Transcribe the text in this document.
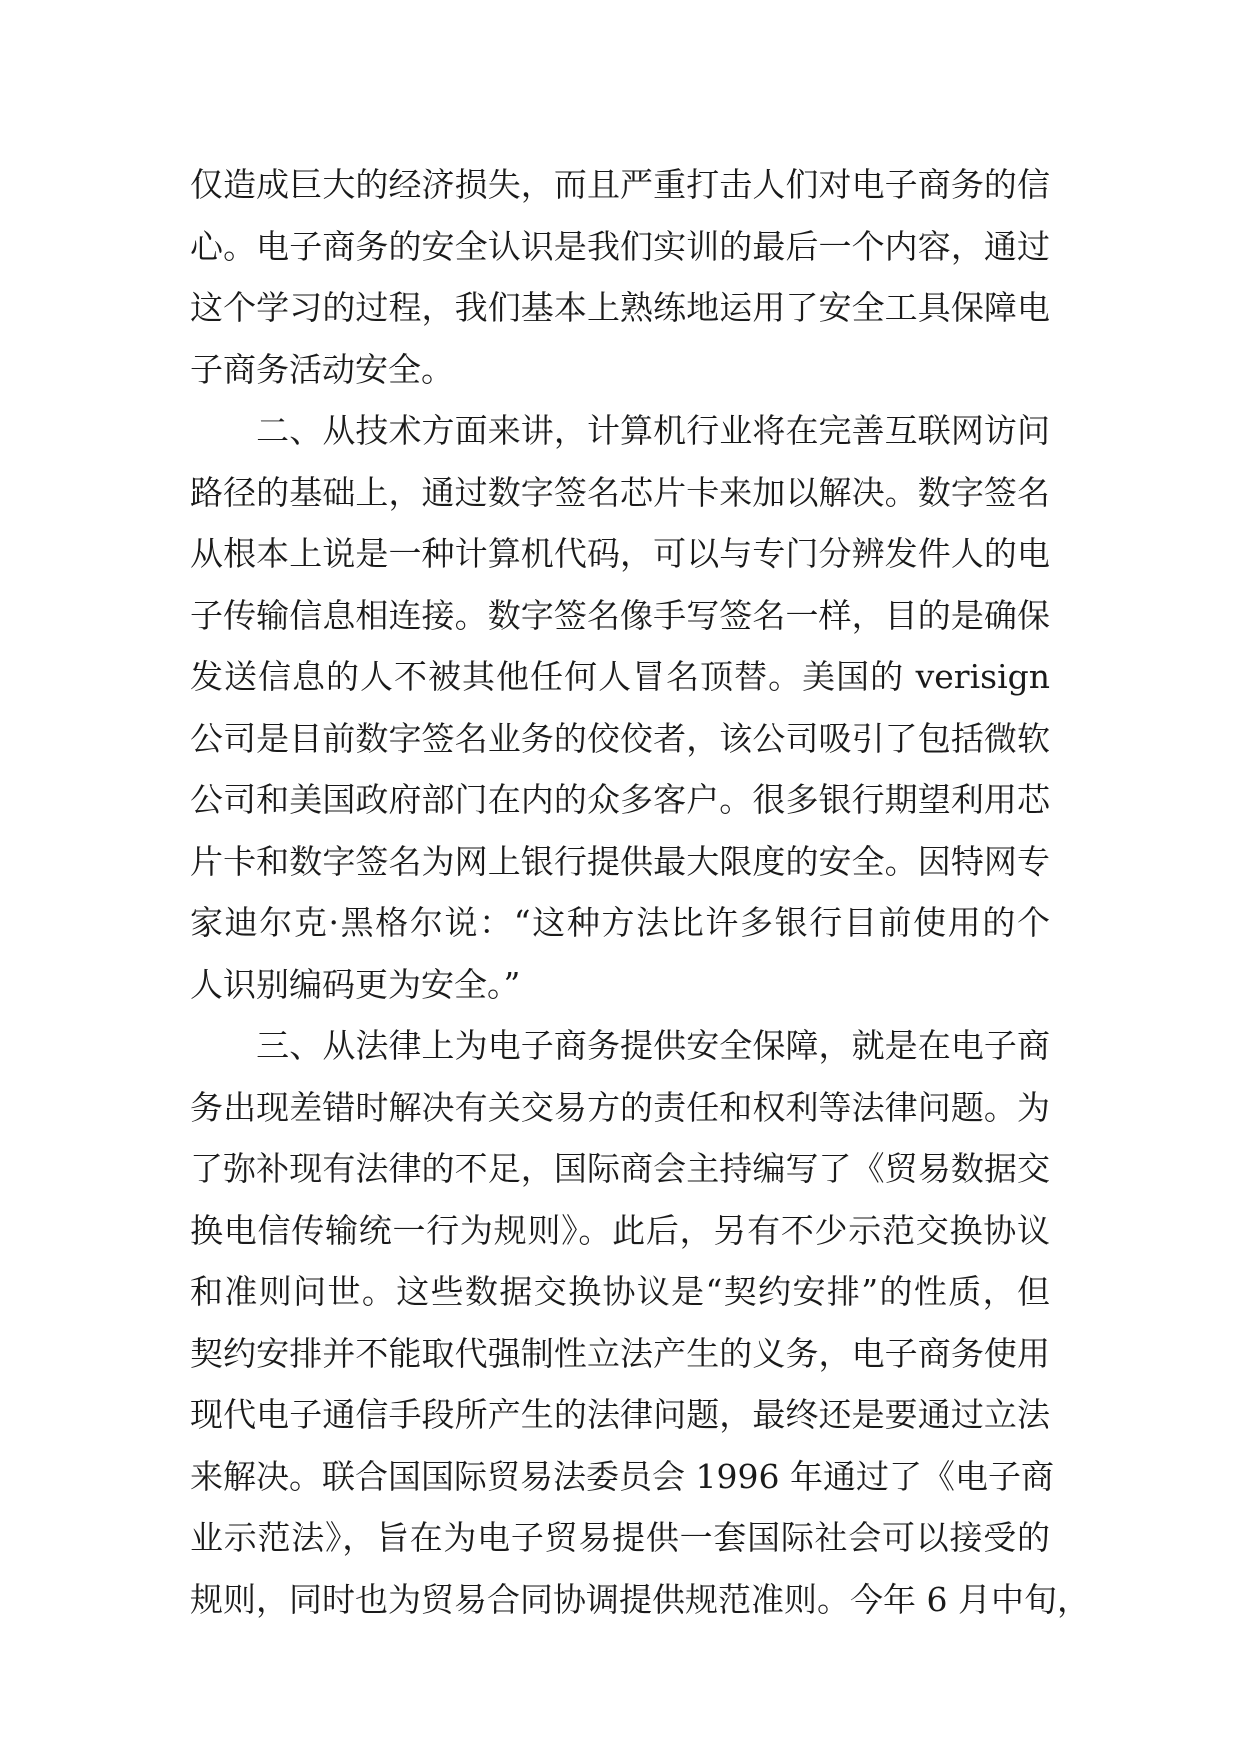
仅造成巨大的经济损失，而且严重打击人们对电子商务的信
心。电子商务的安全认识是我们实训的最后一个内容，通过
这个学习的过程，我们基本上熟练地运用了安全工具保障电
子商务活动安全。
　　二、从技术方面来讲，计算机行业将在完善互联网访问
路径的基础上，通过数字签名芯片卡来加以解决。数字签名
从根本上说是一种计算机代码，可以与专门分辨发件人的电
子传输信息相连接。数字签名像手写签名一样，目的是确保
发送信息的人不被其他任何人冒名顶替。美国的 verisign
公司是目前数字签名业务的佼佼者，该公司吸引了包括微软
公司和美国政府部门在内的众多客户。很多银行期望利用芯
片卡和数字签名为网上银行提供最大限度的安全。因特网专
家迪尔克·黑格尔说：“这种方法比许多银行目前使用的个
人识别编码更为安全。”
　　三、从法律上为电子商务提供安全保障，就是在电子商
务出现差错时解决有关交易方的责任和权利等法律问题。为
了弥补现有法律的不足，国际商会主持编写了《贸易数据交
换电信传输统一行为规则》。此后，另有不少示范交换协议
和准则问世。这些数据交换协议是“契约安排”的性质，但
契约安排并不能取代强制性立法产生的义务，电子商务使用
现代电子通信手段所产生的法律问题，最终还是要通过立法
来解决。联合国国际贸易法委员会 1996 年通过了《电子商
业示范法》，旨在为电子贸易提供一套国际社会可以接受的
规则，同时也为贸易合同协调提供规范准则。今年 6 月中旬，
